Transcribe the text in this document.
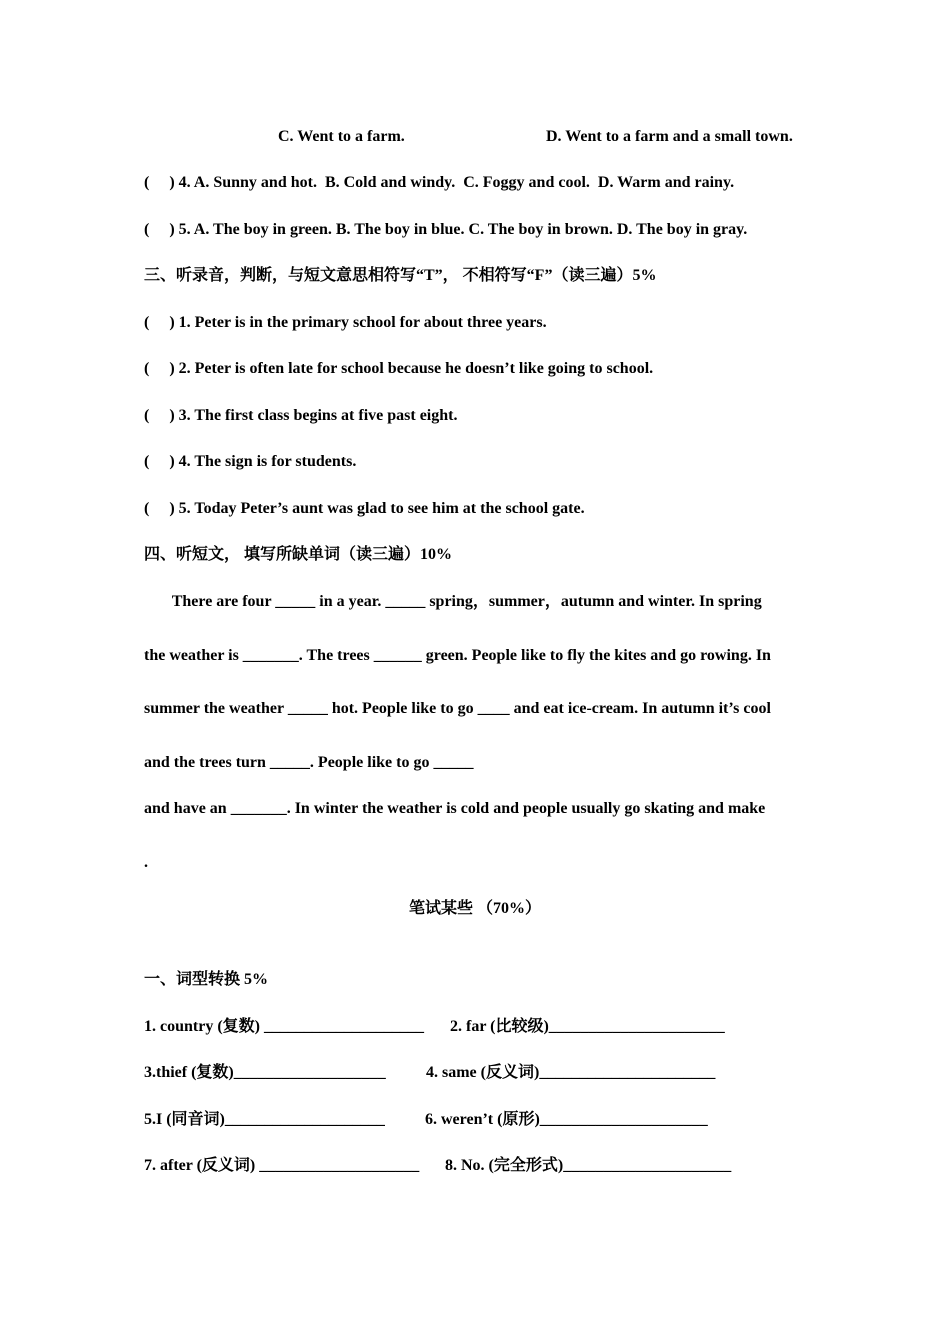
C. Went to a farm.	D. Went to a farm and a small town.
(     ) 4. A. Sunny and hot.  B. Cold and windy.  C. Foggy and cool.  D. Warm and rainy.
(     ) 5. A. The boy in green. B. The boy in blue. C. The boy in brown. D. The boy in gray.
三、听录音，判断，与短文意思相符写“T”， 不相符写“F”（读三遍）5%
(     ) 1. Peter is in the primary school for about three years.
(     ) 2. Peter is often late for school because he doesn’t like going to school.
(     ) 3. The first class begins at five past eight.
(     ) 4. The sign is for students.
(     ) 5. Today Peter’s aunt was glad to see him at the school gate.
四、听短文， 填写所缺单词（读三遍）10%
There are four _____ in a year. _____ spring，summer，autumn and winter. In spring
the weather is _______. The trees ______ green. People like to fly the kites and go rowing. In
summer the weather _____ hot. People like to go ____ and eat ice-cream. In autumn it’s cool
and the trees turn _____. People like to go _____
and have an _______. In winter the weather is cold and people usually go skating and make
.
笔试某些 （70%）
一、词型转换 5%
1. country (复数) ____________________ 2. far (比较级)______________________
3.thief (复数)___________________	4. same (反义词)______________________
5.I (同音词)____________________	6. weren’t (原形)_____________________
7. after (反义词) ____________________ 8. No. (完全形式)_____________________
